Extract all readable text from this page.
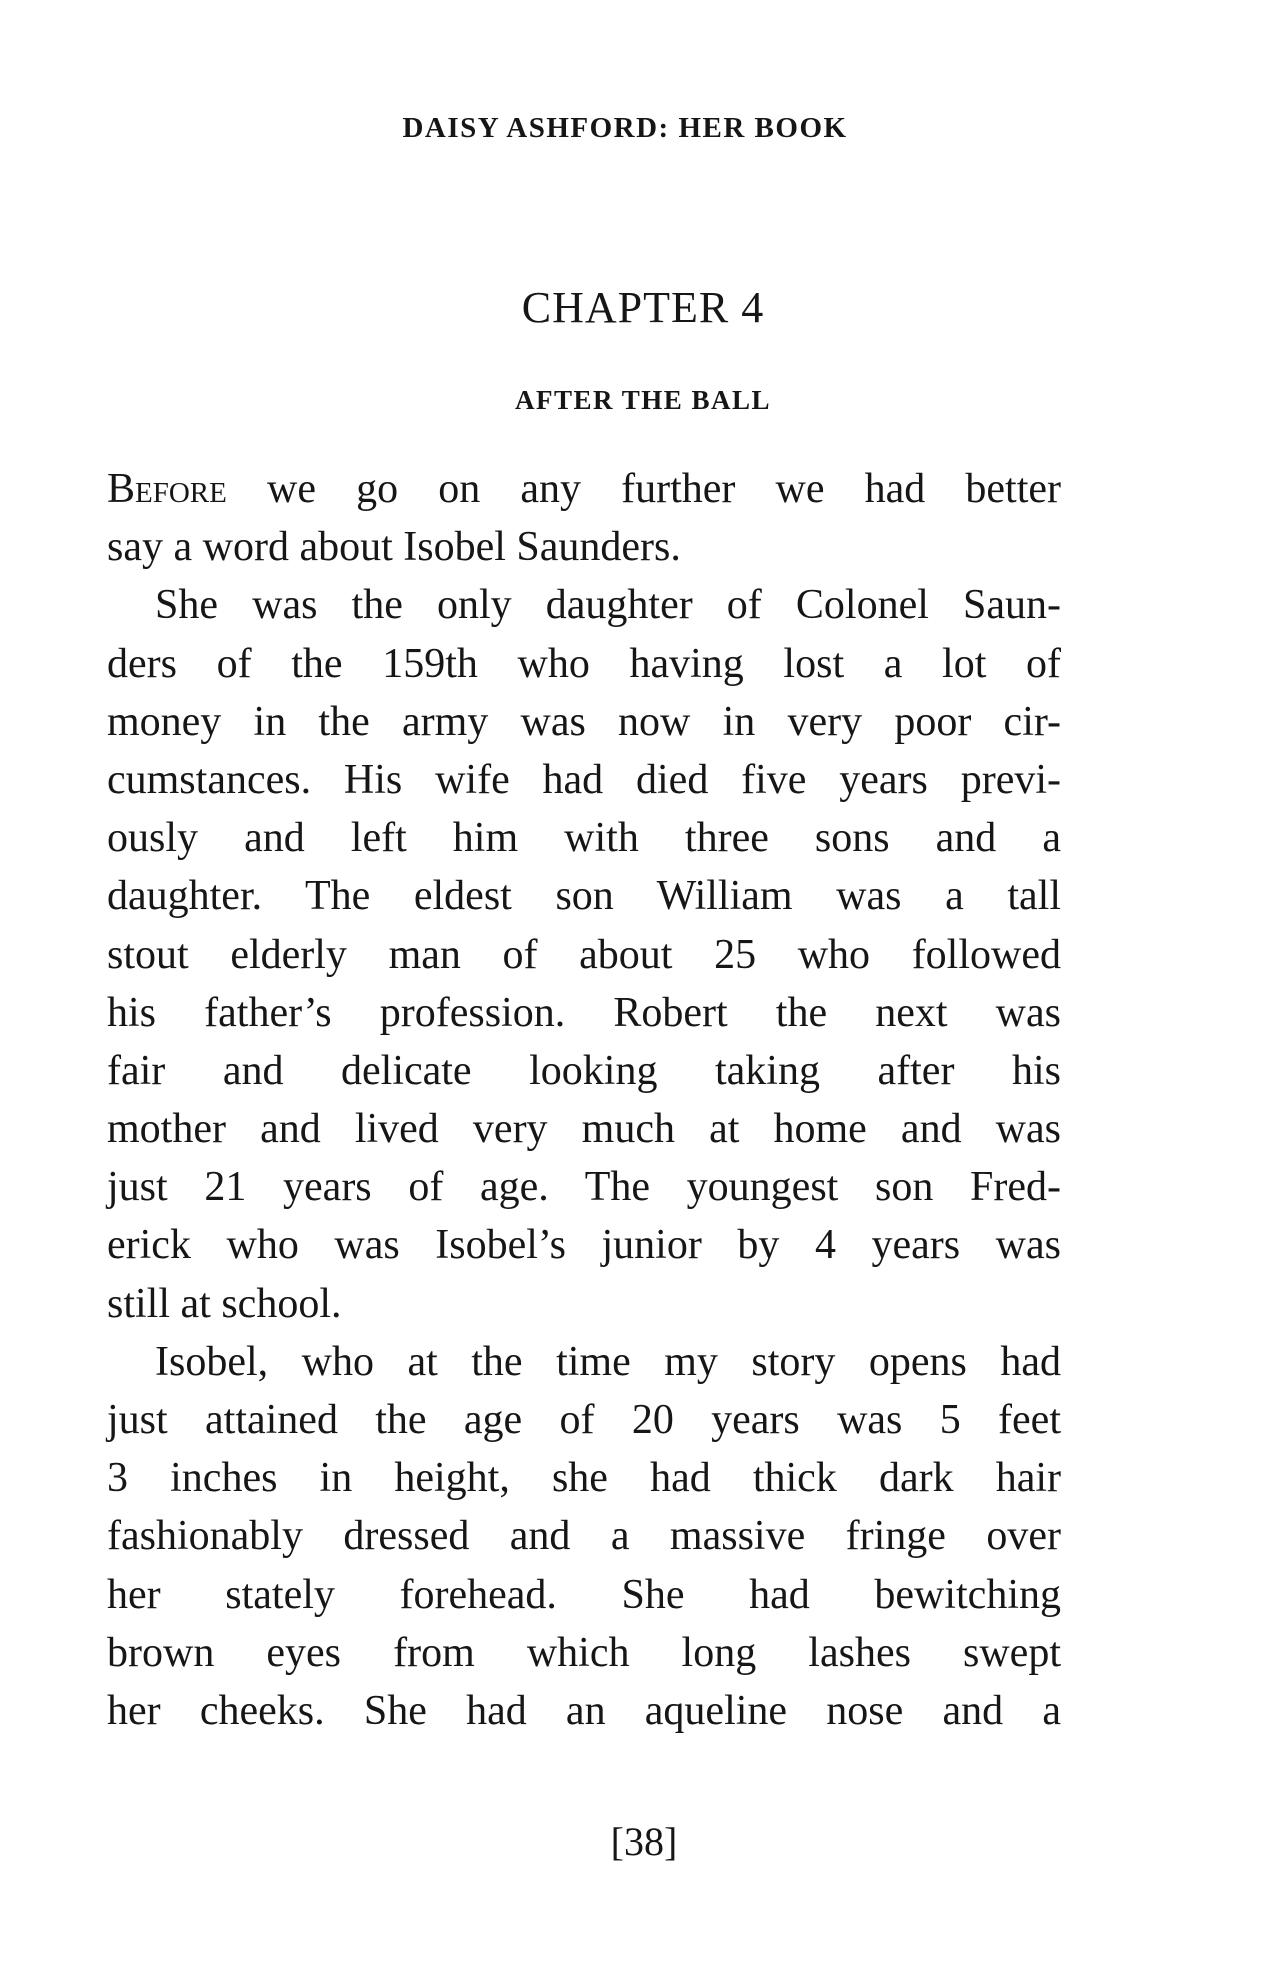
DAISY ASHFORD: HER BOOK
CHAPTER 4
AFTER THE BALL
Before we go on any further we had better
say a word about Isobel Saunders.
She was the only daughter of Colonel Saun-
ders of the 159th who having lost a lot of
money in the army was now in very poor cir-
cumstances. His wife had died five years previ-
ously and left him with three sons and a
daughter. The eldest son William was a tall
stout elderly man of about 25 who followed
his father’s profession. Robert the next was
fair and delicate looking taking after his
mother and lived very much at home and was
just 21 years of age. The youngest son Fred-
erick who was Isobel’s junior by 4 years was
still at school.
Isobel, who at the time my story opens had
just attained the age of 20 years was 5 feet
3 inches in height, she had thick dark hair
fashionably dressed and a massive fringe over
her stately forehead. She had bewitching
brown eyes from which long lashes swept
her cheeks. She had an aqueline nose and a
[38]
